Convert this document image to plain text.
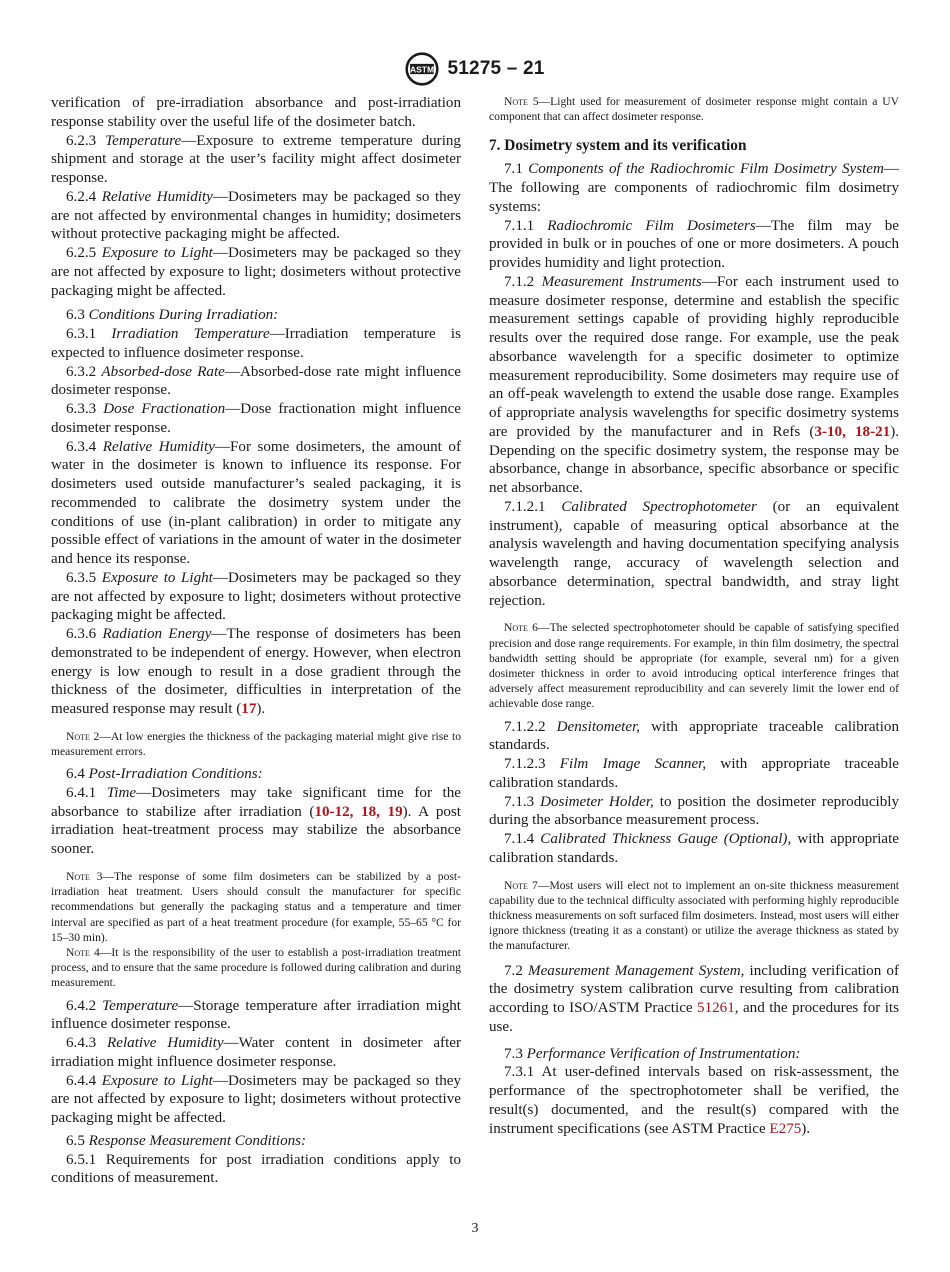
ASTM 51275 – 21

verification of pre-irradiation absorbance and post-irradiation response stability over the useful life of the dosimeter batch.

6.2.3 Temperature—Exposure to extreme temperature during shipment and storage at the user’s facility might affect dosimeter response.

6.2.4 Relative Humidity—Dosimeters may be packaged so they are not affected by environmental changes in humidity; dosimeters without protective packaging might be affected.

6.2.5 Exposure to Light—Dosimeters may be packaged so they are not affected by exposure to light; dosimeters without protective packaging might be affected.

6.3 Conditions During Irradiation:

6.3.1 Irradiation Temperature—Irradiation temperature is expected to influence dosimeter response.

6.3.2 Absorbed-dose Rate—Absorbed-dose rate might influence dosimeter response.

6.3.3 Dose Fractionation—Dose fractionation might influence dosimeter response.

6.3.4 Relative Humidity—For some dosimeters, the amount of water in the dosimeter is known to influence its response. For dosimeters used outside manufacturer’s sealed packaging, it is recommended to calibrate the dosimetry system under the conditions of use (in-plant calibration) in order to mitigate any possible effect of variations in the amount of water in the dosimeter and hence its response.

6.3.5 Exposure to Light—Dosimeters may be packaged so they are not affected by exposure to light; dosimeters without protective packaging might be affected.

6.3.6 Radiation Energy—The response of dosimeters has been demonstrated to be independent of energy. However, when electron energy is low enough to result in a dose gradient through the thickness of the dosimeter, difficulties in interpretation of the measured response may result (17).

Note 2—At low energies the thickness of the packaging material might give rise to measurement errors.

6.4 Post-Irradiation Conditions:

6.4.1 Time—Dosimeters may take significant time for the absorbance to stabilize after irradiation (10-12, 18, 19). A post irradiation heat-treatment process may stabilize the absorbance sooner.

Note 3—The response of some film dosimeters can be stabilized by a post-irradiation heat treatment. Users should consult the manufacturer for specific recommendations but generally the packaging status and a temperature and timer interval are specified as part of a heat treatment procedure (for example, 55–65 °C for 15–30 min).

Note 4—It is the responsibility of the user to establish a post-irradiation treatment process, and to ensure that the same procedure is followed during calibration and during measurement.

6.4.2 Temperature—Storage temperature after irradiation might influence dosimeter response.

6.4.3 Relative Humidity—Water content in dosimeter after irradiation might influence dosimeter response.

6.4.4 Exposure to Light—Dosimeters may be packaged so they are not affected by exposure to light; dosimeters without protective packaging might be affected.

6.5 Response Measurement Conditions:

6.5.1 Requirements for post irradiation conditions apply to conditions of measurement.

Note 5—Light used for measurement of dosimeter response might contain a UV component that can affect dosimeter response.

7. Dosimetry system and its verification

7.1 Components of the Radiochromic Film Dosimetry System—The following are components of radiochromic film dosimetry systems:

7.1.1 Radiochromic Film Dosimeters—The film may be provided in bulk or in pouches of one or more dosimeters. A pouch provides humidity and light protection.

7.1.2 Measurement Instruments—For each instrument used to measure dosimeter response, determine and establish the specific measurement settings capable of providing highly reproducible results over the required dose range. For example, use the peak absorbance wavelength for a specific dosimeter to optimize measurement reproducibility. Some dosimeters may require use of an off-peak wavelength to extend the usable dose range. Examples of appropriate analysis wavelengths for specific dosimetry systems are provided by the manufacturer and in Refs (3-10, 18-21). Depending on the specific dosimetry system, the response may be absorbance, change in absorbance, specific absorbance or specific net absorbance.

7.1.2.1 Calibrated Spectrophotometer (or an equivalent instrument), capable of measuring optical absorbance at the analysis wavelength and having documentation specifying analysis wavelength range, accuracy of wavelength selection and absorbance determination, spectral bandwidth, and stray light rejection.

Note 6—The selected spectrophotometer should be capable of satisfying specified precision and dose range requirements. For example, in thin film dosimetry, the spectral bandwidth setting should be appropriate (for example, several nm) for a given dosimeter thickness in order to avoid introducing optical interference fringes that adversely affect measurement reproducibility and can severely limit the lower end of achievable dose range.

7.1.2.2 Densitometer, with appropriate traceable calibration standards.

7.1.2.3 Film Image Scanner, with appropriate traceable calibration standards.

7.1.3 Dosimeter Holder, to position the dosimeter reproducibly during the absorbance measurement process.

7.1.4 Calibrated Thickness Gauge (Optional), with appropriate calibration standards.

Note 7—Most users will elect not to implement an on-site thickness measurement capability due to the technical difficulty associated with performing highly reproducible thickness measurements on soft surfaced film dosimeters. Instead, most users will either ignore thickness (treating it as a constant) or utilize the average thickness as stated by the manufacturer.

7.2 Measurement Management System, including verification of the dosimetry system calibration curve resulting from calibration according to ISO/ASTM Practice 51261, and the procedures for its use.

7.3 Performance Verification of Instrumentation:

7.3.1 At user-defined intervals based on risk-assessment, the performance of the spectrophotometer shall be verified, the result(s) documented, and the result(s) compared with the instrument specifications (see ASTM Practice E275).

3
